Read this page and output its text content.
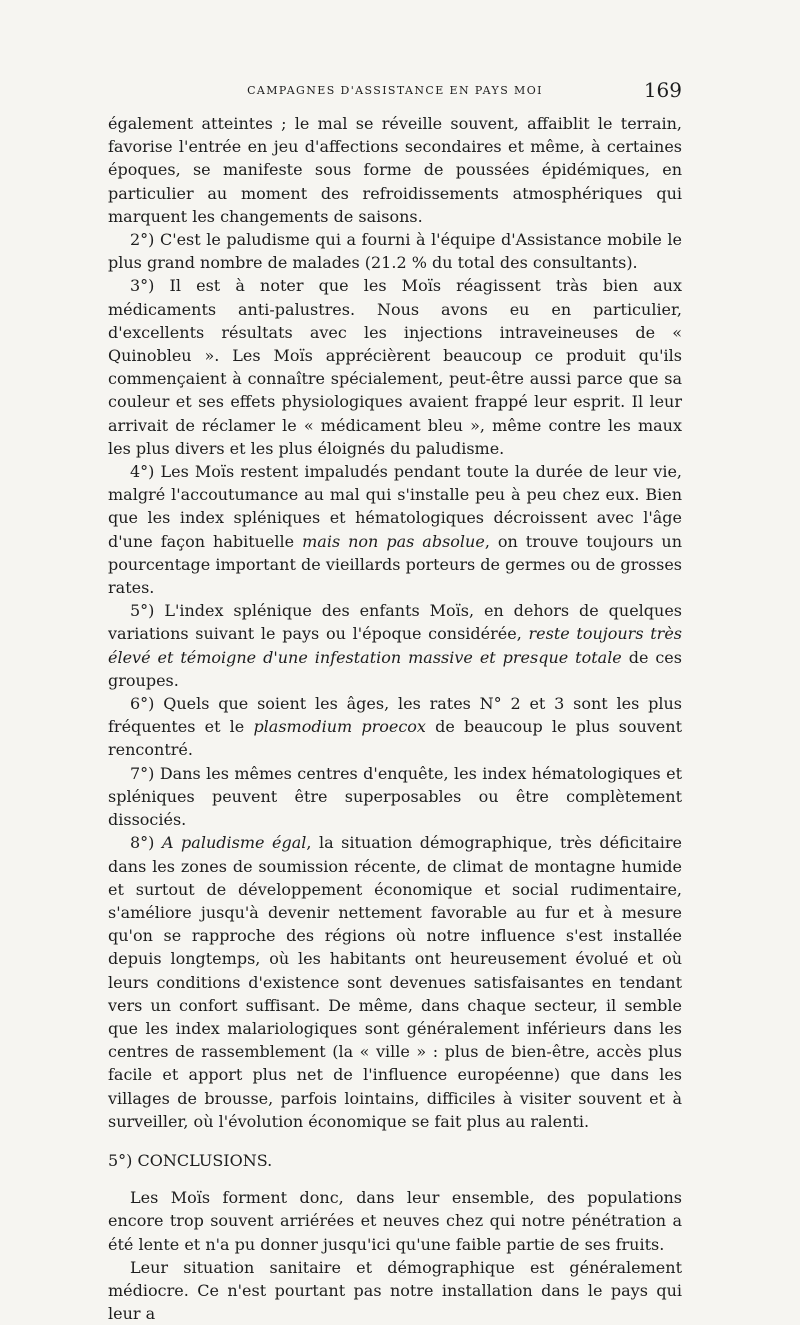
CAMPAGNES D'ASSISTANCE EN PAYS MOI	169

également atteintes ; le mal se réveille souvent, affaiblit le terrain, favorise l'entrée en jeu d'affections secondaires et même, à certaines époques, se manifeste sous forme de poussées épidémiques, en particulier au moment des refroidissements atmosphériques qui marquent les changements de saisons.

2°) C'est le paludisme qui a fourni à l'équipe d'Assistance mobile le plus grand nombre de malades (21.2 % du total des consultants).

3°) Il est à noter que les Moïs réagissent tràs bien aux médicaments anti-palustres. Nous avons eu en particulier, d'excellents résultats avec les injections intraveineuses de « Quinobleu ». Les Moïs apprécièrent beaucoup ce produit qu'ils commençaient à connaître spécialement, peut-être aussi parce que sa couleur et ses effets physiologiques avaient frappé leur esprit. Il leur arrivait de réclamer le « médicament bleu », même contre les maux les plus divers et les plus éloignés du paludisme.

4°) Les Moïs restent impaludés pendant toute la durée de leur vie, malgré l'accoutumance au mal qui s'installe peu à peu chez eux. Bien que les index spléniques et hématologiques décroissent avec l'âge d'une façon habituelle mais non pas absolue, on trouve toujours un pourcentage important de vieillards porteurs de germes ou de grosses rates.

5°) L'index splénique des enfants Moïs, en dehors de quelques variations suivant le pays ou l'époque considérée, reste toujours très élevé et témoigne d'une infestation massive et presque totale de ces groupes.

6°) Quels que soient les âges, les rates N° 2 et 3 sont les plus fréquentes et le plasmodium proecox de beaucoup le plus souvent rencontré.

7°) Dans les mêmes centres d'enquête, les index hématologiques et spléniques peuvent être superposables ou être complètement dissociés.

8°) A paludisme égal, la situation démographique, très déficitaire dans les zones de soumission récente, de climat de montagne humide et surtout de développement économique et social rudimentaire, s'améliore jusqu'à devenir nettement favorable au fur et à mesure qu'on se rapproche des régions où notre influence s'est installée depuis longtemps, où les habitants ont heureusement évolué et où leurs conditions d'existence sont devenues satisfaisantes en tendant vers un confort suffisant. De même, dans chaque secteur, il semble que les index malariologiques sont généralement inférieurs dans les centres de rassemblement (la « ville » : plus de bien-être, accès plus facile et apport plus net de l'influence européenne) que dans les villages de brousse, parfois lointains, difficiles à visiter souvent et à surveiller, où l'évolution économique se fait plus au ralenti.

5°) CONCLUSIONS.

Les Moïs forment donc, dans leur ensemble, des populations encore trop souvent arriérées et neuves chez qui notre pénétration a été lente et n'a pu donner jusqu'ici qu'une faible partie de ses fruits.

Leur situation sanitaire et démographique est généralement médiocre. Ce n'est pourtant pas notre installation dans le pays qui leur a
